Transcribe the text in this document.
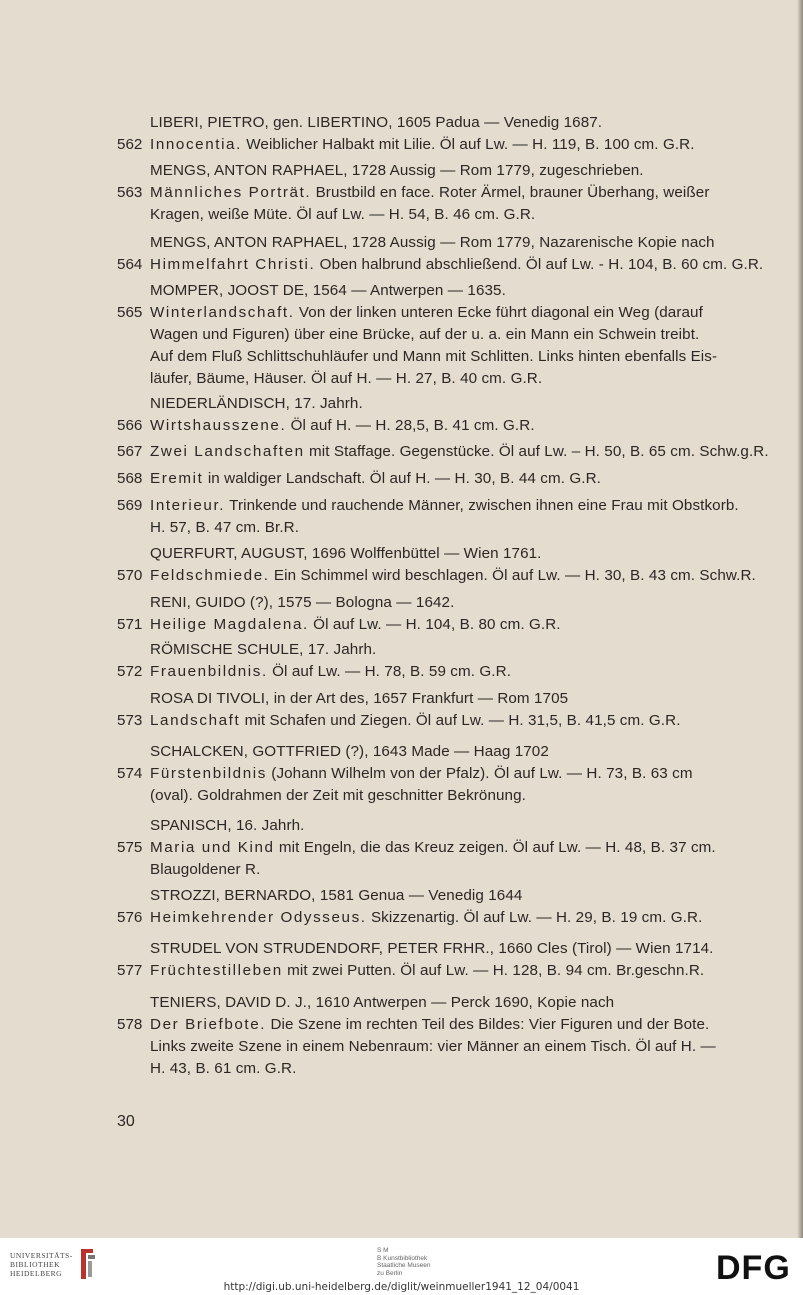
LIBERI, PIETRO, gen. LIBERTINO, 1605 Padua — Venedig 1687.
562 Innocentia. Weiblicher Halbakt mit Lilie. Öl auf Lw. — H. 119, B. 100 cm. G.R.
MENGS, ANTON RAPHAEL, 1728 Aussig — Rom 1779, zugeschrieben.
563 Männliches Porträt. Brustbild en face. Roter Ärmel, brauner Überhang, weißer
Kragen, weiße Müte. Öl auf Lw. — H. 54, B. 46 cm. G.R.
MENGS, ANTON RAPHAEL, 1728 Aussig — Rom 1779, Nazarenische Kopie nach
564 Himmelfahrt Christi. Oben halbrund abschließend. Öl auf Lw. - H. 104, B. 60 cm. G.R.
MOMPER, JOOST DE, 1564 — Antwerpen — 1635.
565 Winterlandschaft. Von der linken unteren Ecke führt diagonal ein Weg (darauf
Wagen und Figuren) über eine Brücke, auf der u. a. ein Mann ein Schwein treibt.
Auf dem Fluß Schlittschuhläufer und Mann mit Schlitten. Links hinten ebenfalls Eis-
läufer, Bäume, Häuser. Öl auf H. — H. 27, B. 40 cm. G.R.
NIEDERLÄNDISCH, 17. Jahrh.
566 Wirtshausszene. Öl auf H. — H. 28,5, B. 41 cm. G.R.
567 Zwei Landschaften mit Staffage. Gegenstücke. Öl auf Lw. – H. 50, B. 65 cm. Schw.g.R.
568 Eremit in waldiger Landschaft. Öl auf H. — H. 30, B. 44 cm. G.R.
569 Interieur. Trinkende und rauchende Männer, zwischen ihnen eine Frau mit Obstkorb.
H. 57, B. 47 cm. Br.R.
QUERFURT, AUGUST, 1696 Wolffenbüttel — Wien 1761.
570 Feldschmiede. Ein Schimmel wird beschlagen. Öl auf Lw. — H. 30, B. 43 cm. Schw.R.
RENI, GUIDO (?), 1575 — Bologna — 1642.
571 Heilige Magdalena. Öl auf Lw. — H. 104, B. 80 cm. G.R.
RÖMISCHE SCHULE, 17. Jahrh.
572 Frauenbildnis. Öl auf Lw. — H. 78, B. 59 cm. G.R.
ROSA DI TIVOLI, in der Art des, 1657 Frankfurt — Rom 1705
573 Landschaft mit Schafen und Ziegen. Öl auf Lw. — H. 31,5, B. 41,5 cm. G.R.
SCHALCKEN, GOTTFRIED (?), 1643 Made — Haag 1702
574 Fürstenbildnis (Johann Wilhelm von der Pfalz). Öl auf Lw. — H. 73, B. 63 cm
(oval). Goldrahmen der Zeit mit geschnitter Bekrönung.
SPANISCH, 16. Jahrh.
575 Maria und Kind mit Engeln, die das Kreuz zeigen. Öl auf Lw. — H. 48, B. 37 cm.
Blaugoldener R.
STROZZI, BERNARDO, 1581 Genua — Venedig 1644
576 Heimkehrender Odysseus. Skizzenartig. Öl auf Lw. — H. 29, B. 19 cm. G.R.
STRUDEL VON STRUDENDORF, PETER FRHR., 1660 Cles (Tirol) — Wien 1714.
577 Früchtestilleben mit zwei Putten. Öl auf Lw. — H. 128, B. 94 cm. Br.geschn.R.
TENIERS, DAVID D. J., 1610 Antwerpen — Perck 1690, Kopie nach
578 Der Briefbote. Die Szene im rechten Teil des Bildes: Vier Figuren und der Bote.
Links zweite Szene in einem Nebenraum: vier Männer an einem Tisch. Öl auf H. —
H. 43, B. 61 cm. G.R.
30
UNIVERSITÄTS-
BIBLIOTHEK
HEIDELBERG
S M
B Kunstbibliothek
Staatliche Museen
zu Berlin	DFG
http://digi.ub.uni-heidelberg.de/diglit/weinmueller1941_12_04/0041
